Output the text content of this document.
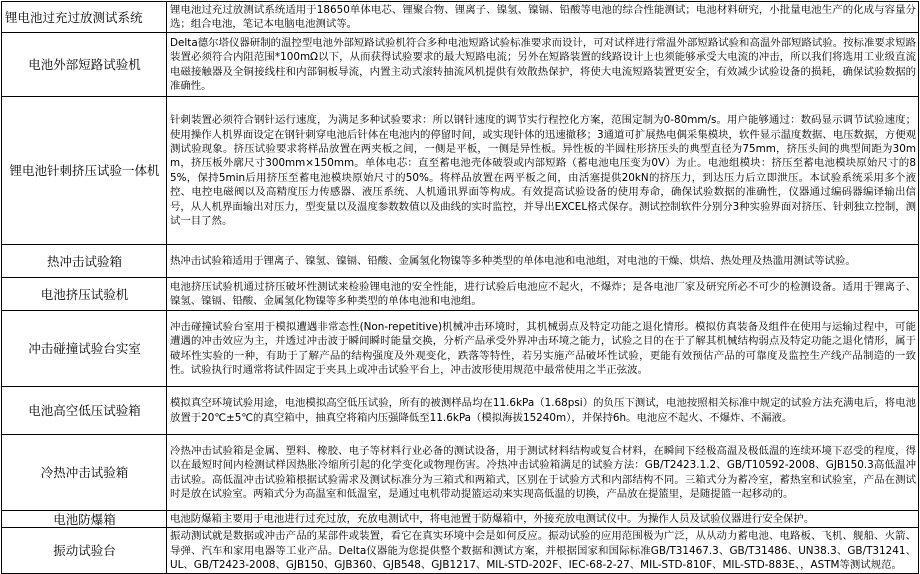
锂电池过充过放测试系统	锂电池过充过放测试系统适用于18650单体电芯、锂聚合物、锂离子、镍氢、镍镉、铅酸等电池的综合性能测试；电池材料研究，小批量电池生产的化成与容量分选；组合电池，笔记本电脑电池测试等。
电池外部短路试验机	Delta德尔塔仪器研制的温控型电池外部短路试验机符合多种电池短路试验标准要求而设计，可对试样进行常温外部短路试验和高温外部短路试验。按标准要求短路装置必须符合内阻范围*100mΩ以下，从而获得试验要求的最大短路电流；另外在短路装置的线路设计上也须能够承受大电流的冲击，所以我们将选用工业级直流电磁接触器及全铜接线柱和内部铜板导流，内置主动式滚转抽流风机提供有效散热保护，将使大电流短路装置更安全，有效减少试验设备的损耗，确保试验数据的准确性。
锂电池针刺挤压试验一体机	针刺装置必须符合钢针运行速度，为满足多种试验要求：所以钢针速度的调节实行程控化方案，范围定制为0-80mm/s。用户能够通过：数码显示调节试验速度；使用操作人机界面设定在钢针刺穿电池后针体在电池内的停留时间，或实现针体的迅速撤移；3通道可扩展热电偶采集模块，软件显示温度数据、电压数据，方便观测试验现象。挤压试验要求将样品放置在两夹板之间，一侧是平板，一侧是异性板。异性板的半圆柱形挤压头的典型直径为75mm，挤压头间的典型间距为30mm，挤压板外廓尺寸300mm×150mm。单体电芯：直至蓄电池壳体破裂或内部短路（蓄电池电压变为0V）为止。电池组模块：挤压至蓄电池模块原始尺寸的85%，保持5min后用挤压至蓄电池模块原始尺寸的50%。将样品放置在两平板之间，由活塞提供20kN的挤压力，到达压力后立即泄压。本试验系统采用多个液控、电控电磁阀以及高精度压力传感器、液压系统、人机通讯界面等构成。有效提高试验设备的使用寿命，确保试验数据的准确性，仪器通过编码器编译输出信号，从人机界面输出对压力，型变量以及温度参数数值以及曲线的实时监控，并导出EXCEL格式保存。测试控制软件分别分3种实验界面对挤压、针刺独立控制，测试一目了然。
热冲击试验箱	热冲击试验箱适用于锂离子、镍氢、镍镉、铅酸、金属氢化物镍等多种类型的单体电池和电池组，对电池的干燥、烘焙、热处理及热滥用测试等试验。
电池挤压试验机	电池挤压试验机通过挤压破坏性测试来检验锂电池的安全性能，进行试验后电池应不起火，不爆炸；是各电池厂家及研究所必不可少的检测设备。适用于锂离子、镍氢、镍镉、铅酸、金属氢化物镍等多种类型的单体电池和电池组。
冲击碰撞试验台实室	冲击碰撞试验台室用于模拟遭遇非常态性(Non-repetitive)机械冲击环境时，其机械弱点及特定功能之退化情形。模拟仿真装备及组件在使用与运输过程中，可能遭遇的冲击效应为主，并透过冲击波于瞬间瞬时能量交换，分析产品承受外界冲击环境之能力，试验之目的在于了解其机械结构弱点及特定功能之退化情形，属于破坏性实验的一种，有助于了解产品的结构强度及外观变化，跌落等特性，若另实施产品破坏性试验，更能有效预估产品的可靠度及监控生产线产品制造的一致性。试验执行时通常将试件固定于夹具上或冲击试验平台上，冲击波形使用规范中最常使用之半正弦波。
电池高空低压试验箱	模拟真空环境试验用途，电池模拟高空低压试验，所有的被测样品均在11.6kPa（1.68psi）的负压下测试，电池按照相关标准中规定的试验方法充满电后，将电池放置于20℃±5℃的真空箱中，抽真空将箱内压强降低至11.6kPa（模拟海拔15240m），并保持6h。电池应不起火、不爆炸、不漏液。
冷热冲击试验箱	冷热冲击试验箱是金属、塑料、橡胶、电子等材料行业必备的测试设备，用于测试材料结构或复合材料，在瞬间下经极高温及极低温的连续环境下忍受的程度，得以在最短时间内检测试样因热胀冷缩所引起的化学变化或物理伤害。冷热冲击试验箱满足的试验方法：GB/T2423.1.2、GB/T10592-2008、GJB150.3高低温冲击试验。高低温冲击试验箱根据试验需求及测试标准分为三箱式和两箱式，区别在于试验方式和内部结构不同。三箱式分为蓄冷室，蓄热室和试验室，产品在测试时是放在试验室。两箱式分为高温室和低温室，是通过电机带动提篮运动来实现高低温的切换，产品放在提篮里，是随提篮一起移动的。
电池防爆箱	电池防爆箱主要用于电池进行过充过放，充放电测试中，将电池置于防爆箱中，外接充放电测试仪中。为操作人员及试验仪器进行安全保护。
振动试验台	振动测试就是数据或冲击产品的某部件或装置，看它在真实环境中会是如何反应。振动试验的应用范围极为广泛，从从动力蓄电池、电路板、飞机、舰船、火箭、导弹、汽车和家用电器等工业产品。Delta仪器能为您提供整个数据和测试方案，并根据国家和国际标准GB/T31467.3、GB/T31486、UN38.3、GB/T31241、UL、GB/T2423-2008、GJB150、GJB360、GJB548、GJB1217、MIL-STD-202F、IEC-68-2-27、MIL-STD-810F、MIL-STD-883E、，ASTM等测试规范。
